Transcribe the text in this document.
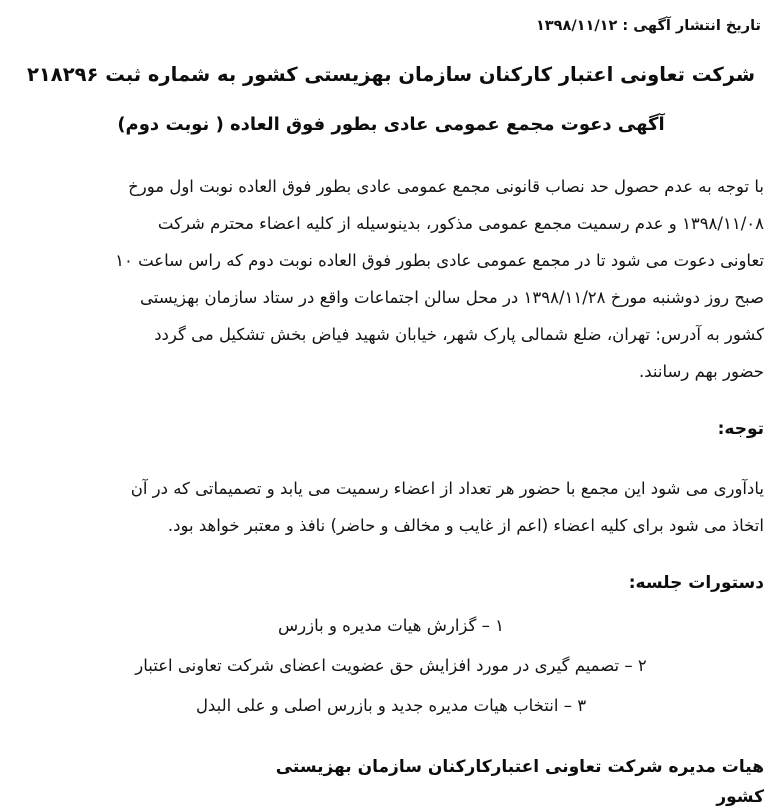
تاریخ انتشار آگهی : ۱۳۹۸/۱۱/۱۲
شرکت تعاونی اعتبار کارکنان سازمان بهزیستی کشور به شماره ثبت ۲۱۸۲۹۶
آگهی دعوت مجمع عمومی عادی بطور فوق العاده ( نوبت دوم)
با توجه به عدم حصول حد نصاب قانونی مجمع عمومی عادی بطور فوق العاده نوبت اول مورخ
۱۳۹۸/۱۱/۰۸ و عدم رسمیت مجمع عمومی مذکور، بدینوسیله از کلیه اعضاء محترم شرکت
تعاونی دعوت می شود تا در مجمع عمومی عادی بطور فوق العاده نوبت دوم که راس ساعت ۱۰
صبح روز دوشنبه مورخ ۱۳۹۸/۱۱/۲۸ در محل سالن اجتماعات واقع در ستاد سازمان بهزیستی
کشور به آدرس: تهران، ضلع شمالی پارک شهر، خیابان شهید فیاض بخش تشکیل می گردد
حضور بهم رسانند.
توجه:
یادآوری می شود این مجمع با حضور هر تعداد از اعضاء رسمیت می یابد و تصمیماتی که در آن
اتخاذ می شود برای کلیه اعضاء (اعم از غایب و مخالف و حاضر) نافذ و معتبر خواهد بود.
دستورات جلسه:
۱ – گزارش هیات مدیره و بازرس
۲ – تصمیم گیری در مورد افزایش حق عضویت اعضای شرکت تعاونی اعتبار
۳ – انتخاب هیات مدیره جدید و بازرس اصلی و علی البدل
هیات مدیره شرکت تعاونی اعتبارکارکنان سازمان بهزیستی
کشور
